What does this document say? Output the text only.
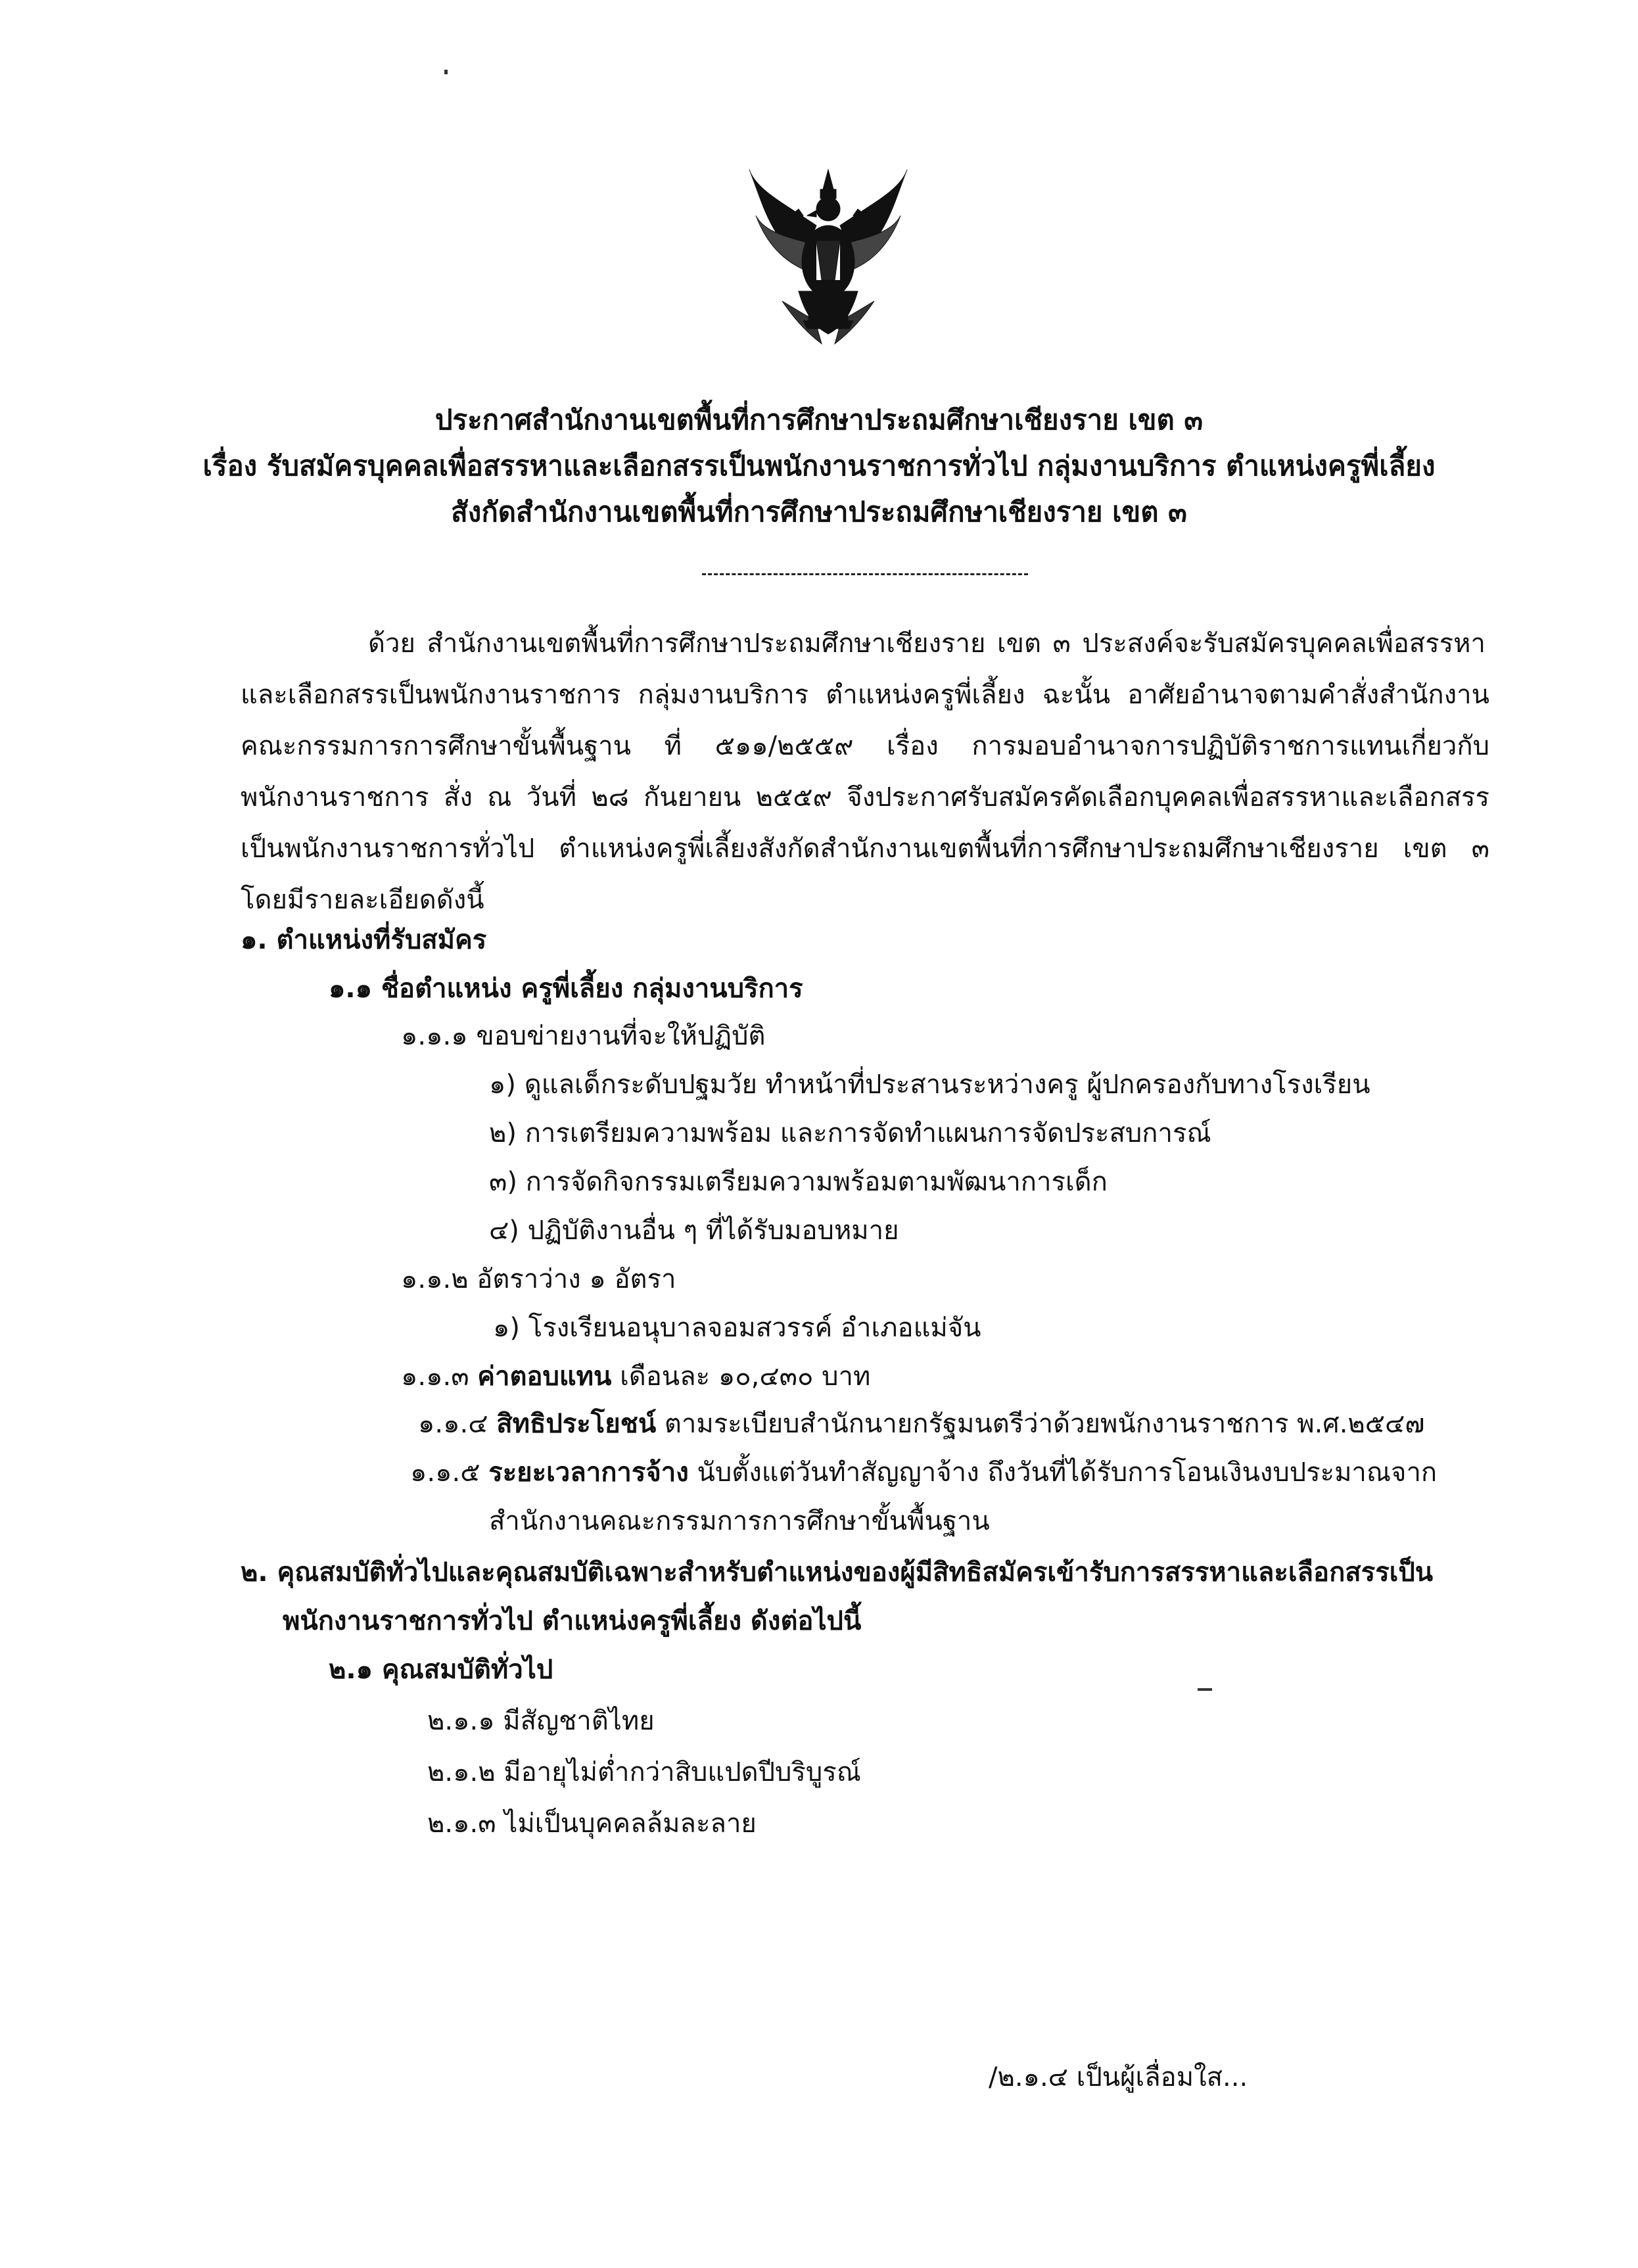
ประกาศสำนักงานเขตพื้นที่การศึกษาประถมศึกษาเชียงราย เขต ๓
เรื่อง รับสมัครบุคคลเพื่อสรรหาและเลือกสรรเป็นพนักงานราชการทั่วไป กลุ่มงานบริการ ตำแหน่งครูพี่เลี้ยง
สังกัดสำนักงานเขตพื้นที่การศึกษาประถมศึกษาเชียงราย เขต ๓
ด้วย สำนักงานเขตพื้นที่การศึกษาประถมศึกษาเชียงราย เขต ๓ ประสงค์จะรับสมัครบุคคลเพื่อสรรหา
และเลือกสรรเป็นพนักงานราชการ กลุ่มงานบริการ ตำแหน่งครูพี่เลี้ยง ฉะนั้น อาศัยอำนาจตามคำสั่งสำนักงาน
คณะกรรมการการศึกษาขั้นพื้นฐาน ที่ ๕๑๑/๒๕๕๙ เรื่อง การมอบอำนาจการปฏิบัติราชการแทนเกี่ยวกับ
พนักงานราชการ สั่ง ณ วันที่ ๒๘ กันยายน ๒๕๕๙ จึงประกาศรับสมัครคัดเลือกบุคคลเพื่อสรรหาและเลือกสรร
เป็นพนักงานราชการทั่วไป ตำแหน่งครูพี่เลี้ยงสังกัดสำนักงานเขตพื้นที่การศึกษาประถมศึกษาเชียงราย เขต ๓
โดยมีรายละเอียดดังนี้
๑. ตำแหน่งที่รับสมัคร
๑.๑ ชื่อตำแหน่ง ครูพี่เลี้ยง กลุ่มงานบริการ
๑.๑.๑ ขอบข่ายงานที่จะให้ปฏิบัติ
๑) ดูแลเด็กระดับปฐมวัย ทำหน้าที่ประสานระหว่างครู ผู้ปกครองกับทางโรงเรียน
๒) การเตรียมความพร้อม และการจัดทำแผนการจัดประสบการณ์
๓) การจัดกิจกรรมเตรียมความพร้อมตามพัฒนาการเด็ก
๔) ปฏิบัติงานอื่น ๆ ที่ได้รับมอบหมาย
๑.๑.๒ อัตราว่าง ๑ อัตรา
๑) โรงเรียนอนุบาลจอมสวรรค์ อำเภอแม่จัน
๑.๑.๓ ค่าตอบแทน เดือนละ ๑๐,๔๓๐ บาท
๑.๑.๔ สิทธิประโยชน์ ตามระเบียบสำนักนายกรัฐมนตรีว่าด้วยพนักงานราชการ พ.ศ.๒๕๔๗
๑.๑.๕ ระยะเวลาการจ้าง นับตั้งแต่วันทำสัญญาจ้าง ถึงวันที่ได้รับการโอนเงินงบประมาณจาก
สำนักงานคณะกรรมการการศึกษาขั้นพื้นฐาน
๒. คุณสมบัติทั่วไปและคุณสมบัติเฉพาะสำหรับตำแหน่งของผู้มีสิทธิสมัครเข้ารับการสรรหาและเลือกสรรเป็น
พนักงานราชการทั่วไป ตำแหน่งครูพี่เลี้ยง ดังต่อไปนี้
๒.๑ คุณสมบัติทั่วไป
๒.๑.๑ มีสัญชาติไทย
๒.๑.๒ มีอายุไม่ต่ำกว่าสิบแปดปีบริบูรณ์
๒.๑.๓ ไม่เป็นบุคคลล้มละลาย
/๒.๑.๔ เป็นผู้เลื่อมใส...
